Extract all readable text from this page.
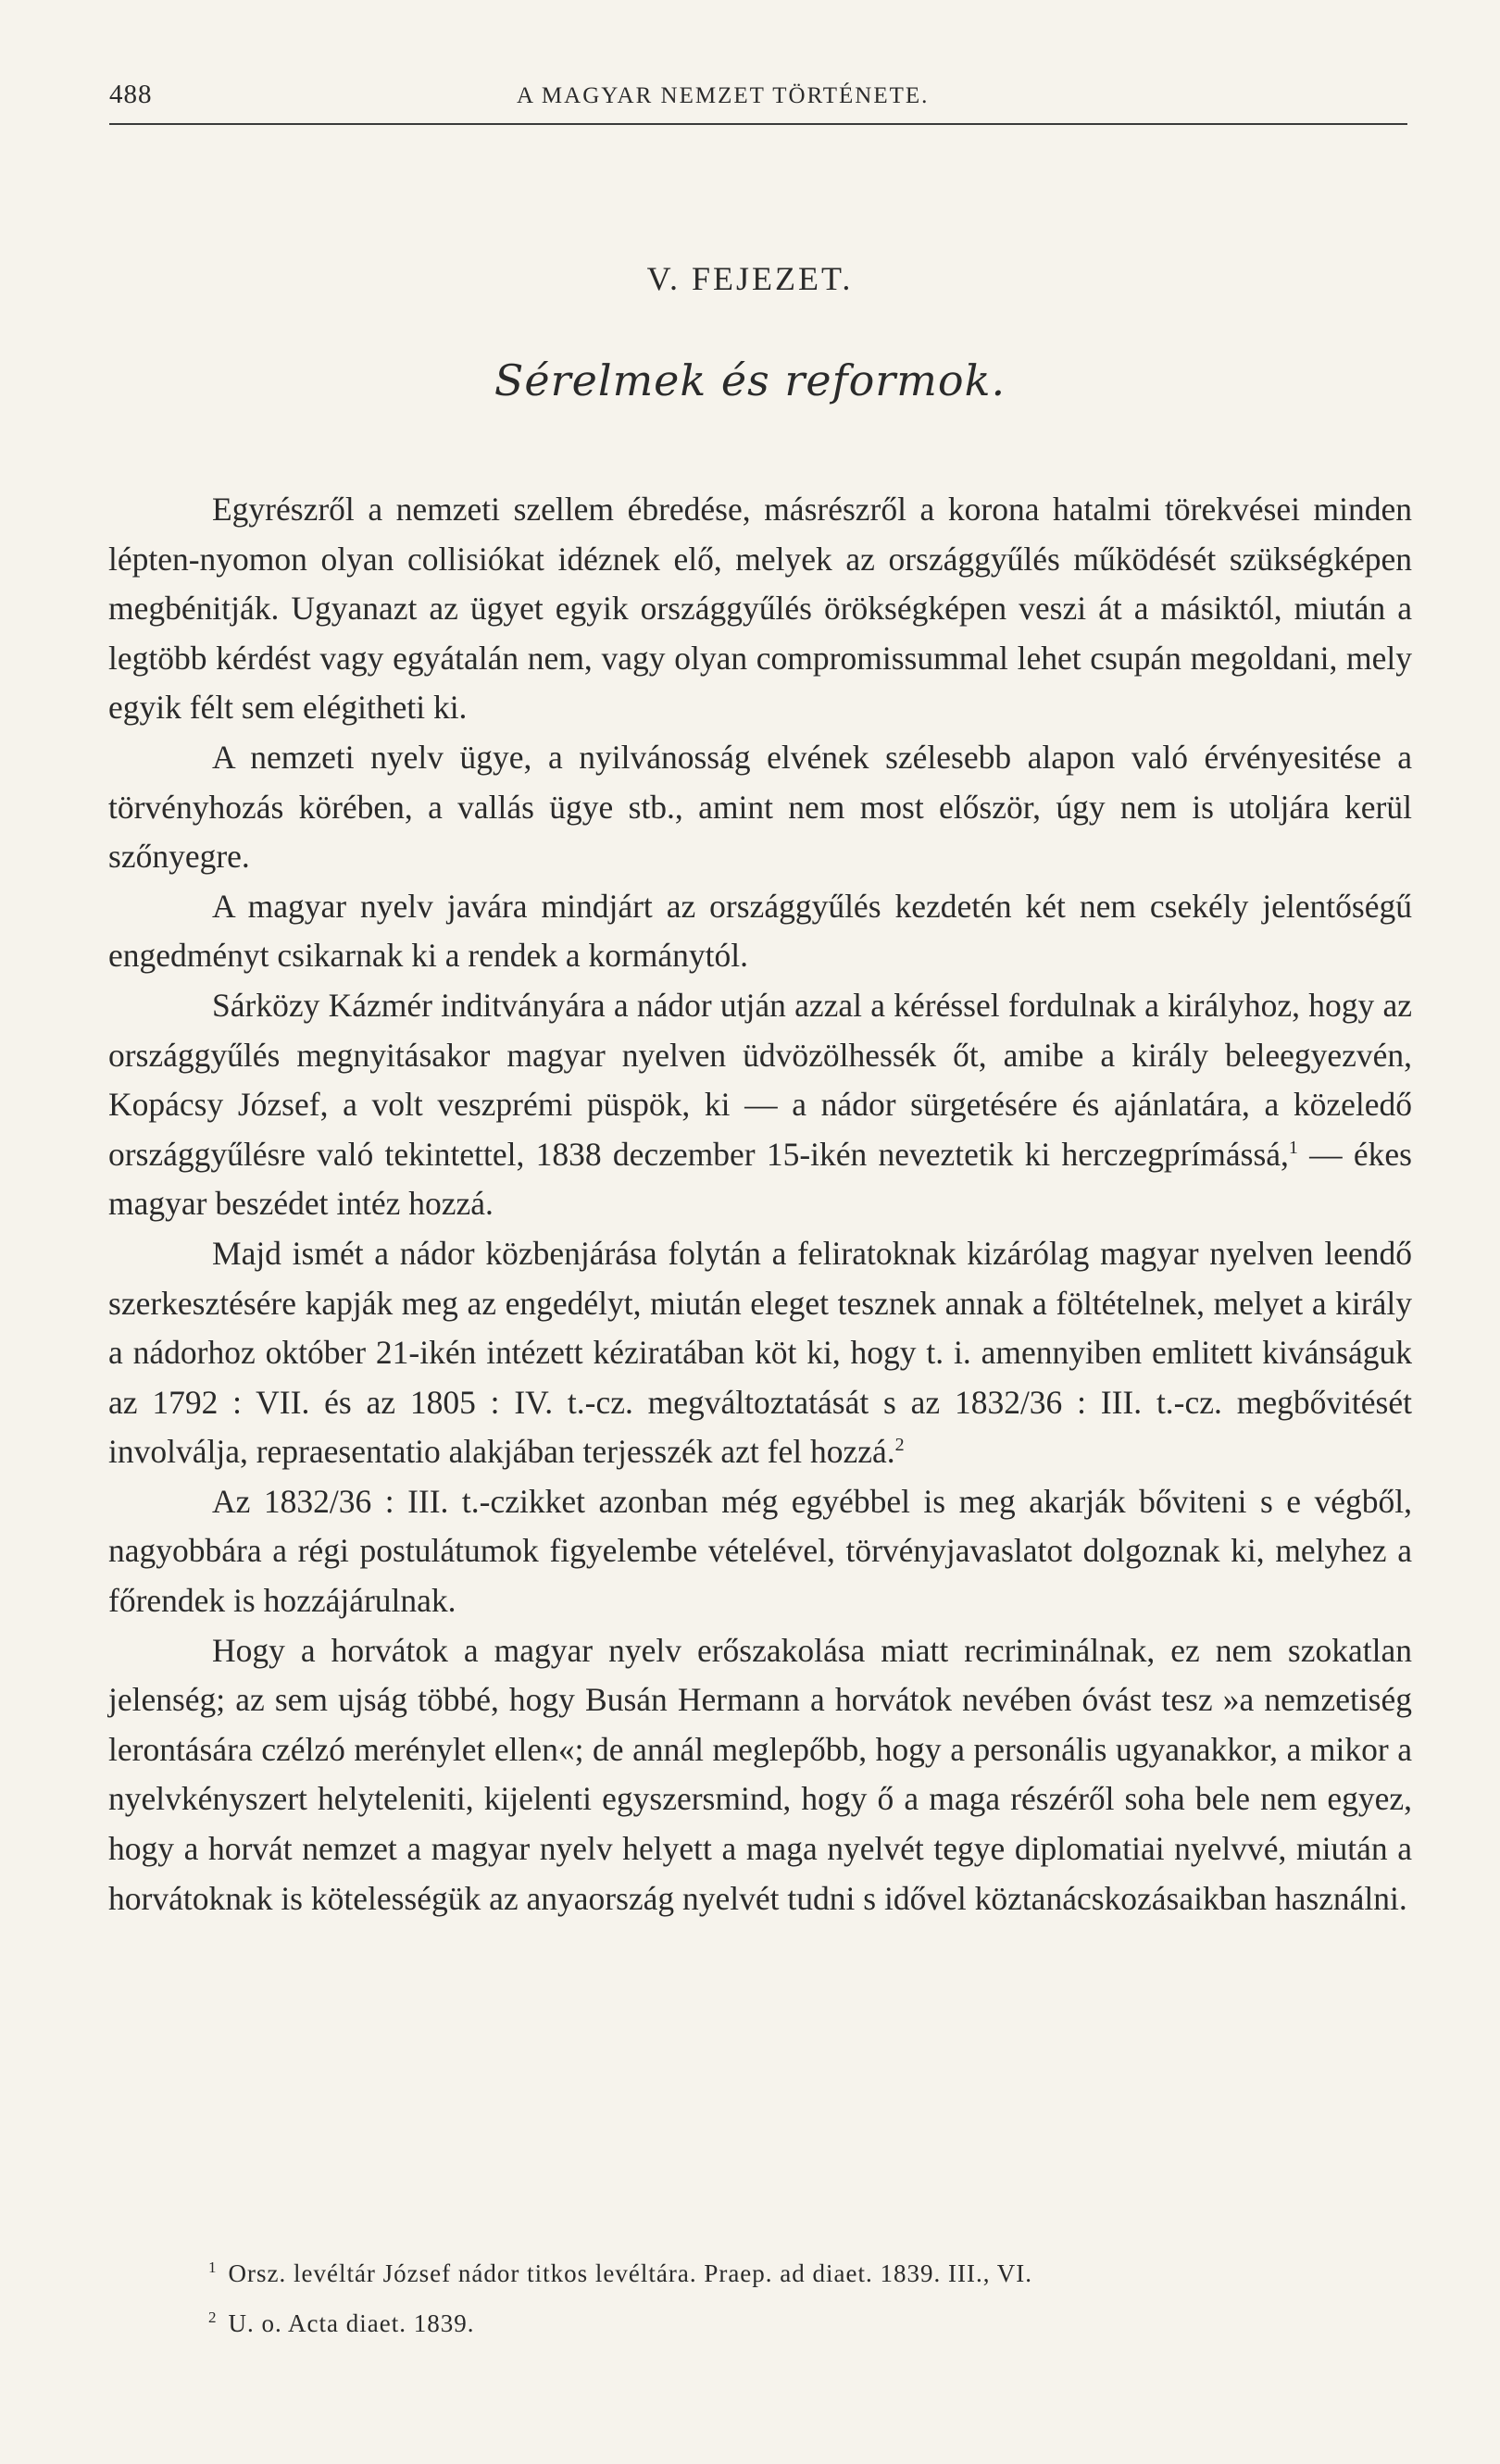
488	A MAGYAR NEMZET TÖRTÉNETE.
V. FEJEZET.
Sérelmek és reformok.

Egyrészről a nemzeti szellem ébredése, másrészről a korona hatalmi törekvései minden lépten-nyomon olyan collisiókat idéznek elő, melyek az országgyűlés működését szükségképen megbénitják. Ugyanazt az ügyet egyik országgyűlés örökségképen veszi át a másiktól, miután a legtöbb kérdést vagy egyátalán nem, vagy olyan compromissummal lehet csupán megoldani, mely egyik félt sem elégitheti ki.

A nemzeti nyelv ügye, a nyilvánosság elvének szélesebb alapon való érvényesitése a törvényhozás körében, a vallás ügye stb., amint nem most először, úgy nem is utoljára kerül szőnyegre.

A magyar nyelv javára mindjárt az országgyűlés kezdetén két nem csekély jelentőségű engedményt csikarnak ki a rendek a kormánytól.

Sárközy Kázmér inditványára a nádor utján azzal a kéréssel fordulnak a királyhoz, hogy az országgyűlés megnyitásakor magyar nyelven üdvözölhessék őt, amibe a király beleegyezvén, Kopácsy József, a volt veszprémi püspök, ki — a nádor sürgetésére és ajánlatára, a közeledő országgyűlésre való tekintettel, 1838 deczember 15-ikén neveztetik ki herczegprímássá,$^1$ — ékes magyar beszédet intéz hozzá.

Majd ismét a nádor közbenjárása folytán a feliratoknak kizárólag magyar nyelven leendő szerkesztésére kapják meg az engedélyt, miután eleget tesznek annak a föltételnek, melyet a király a nádorhoz október 21-ikén intézett kéziratában köt ki, hogy t. i. amennyiben emlitett kivánságuk az 1792 : VII. és az 1805 : IV. t.-cz. megváltoztatását s az 1832/36 : III. t.-cz. megbővitését involválja, repraesentatio alakjában terjesszék azt fel hozzá.$^2$

Az 1832/36 : III. t.-czikket azonban még egyébbel is meg akarják bőviteni s e végből, nagyobbára a régi postulátumok figyelembe vételével, törvényjavaslatot dolgoznak ki, melyhez a főrendek is hozzájárulnak.

Hogy a horvátok a magyar nyelv erőszakolása miatt recriminálnak, ez nem szokatlan jelenség; az sem ujság többé, hogy Busán Hermann a horvátok nevében óvást tesz »a nemzetiség lerontására czélzó merénylet ellen«; de annál meglepőbb, hogy a personális ugyanakkor, a mikor a nyelvkényszert helyteleniti, kijelenti egyszersmind, hogy ő a maga részéről soha bele nem egyez, hogy a horvát nemzet a magyar nyelv helyett a maga nyelvét tegye diplomatiai nyelvvé, miután a horvátoknak is kötelességük az anyaország nyelvét tudni s idővel köztanácskozásaikban használni.

$^1$ Orsz. levéltár József nádor titkos levéltára. Praep. ad diaet. 1839. III., VI.
$^2$ U. o. Acta diaet. 1839.
